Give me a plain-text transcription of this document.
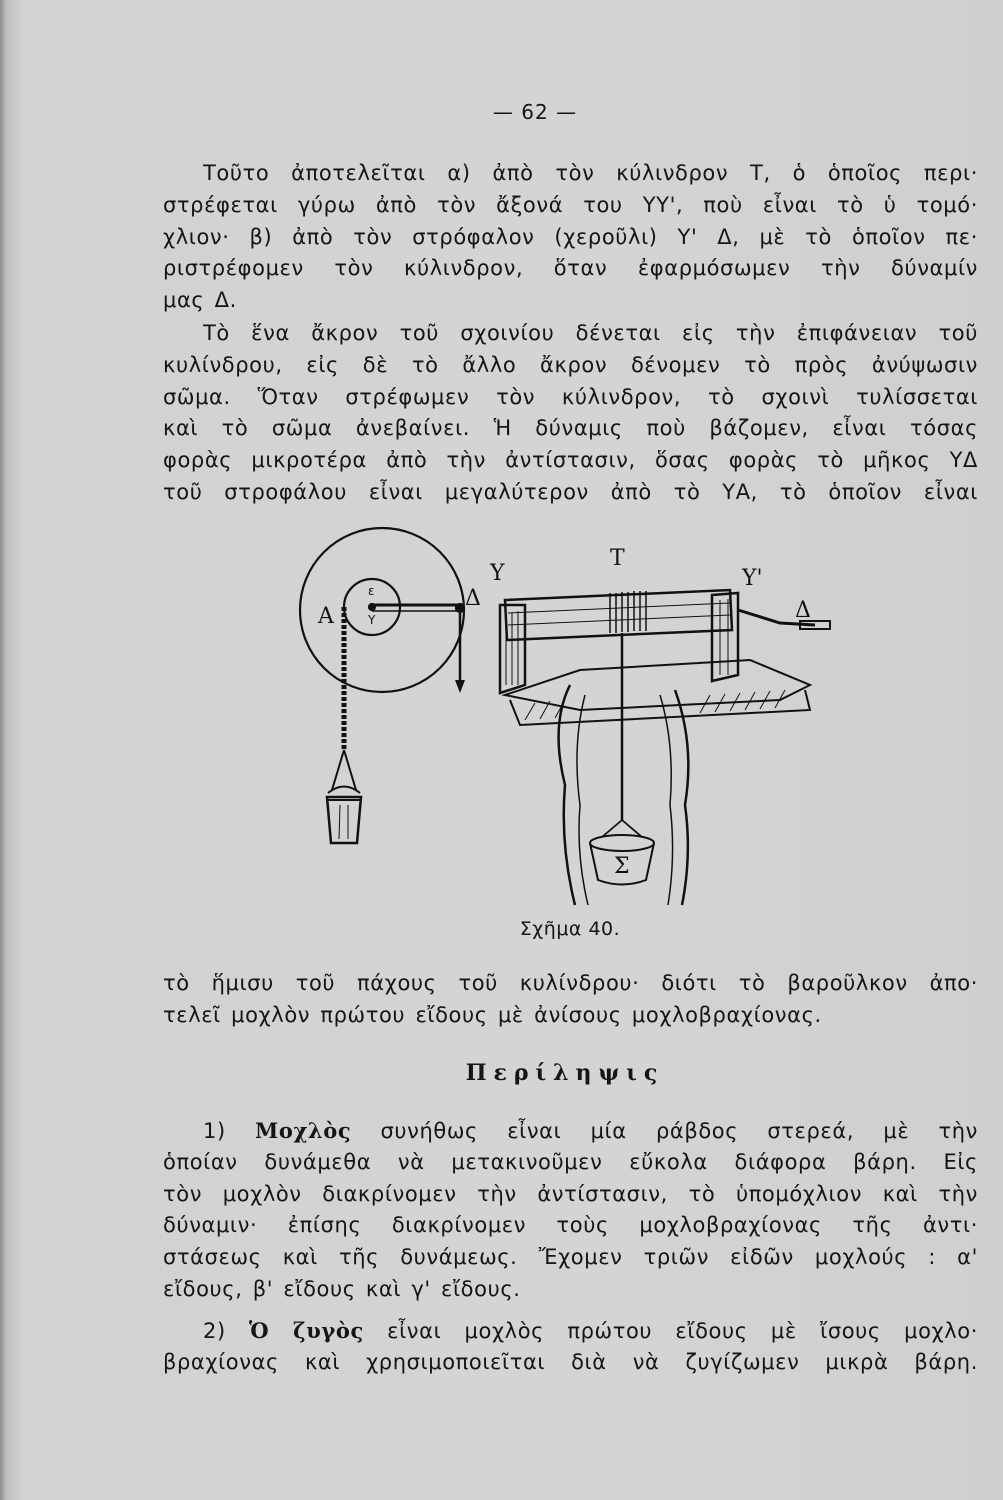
— 62 —
Τοῦτο ἀποτελεῖται α) ἀπὸ τὸν κύλινδρον Τ, ὁ ὁποῖος περι·
στρέφεται γύρω ἀπὸ τὸν ἄξονά του ΥΥ', ποὺ εἶναι τὸ ὑ τομό·
χλιον· β) ἀπὸ τὸν στρόφαλον (χεροῦλι) Υ' Δ, μὲ τὸ ὁποῖον πε·
ριστρέφομεν τὸν κύλινδρον, ὅταν ἐφαρμόσωμεν τὴν δύναμίν
μας Δ.
Τὸ ἕνα ἄκρον τοῦ σχοινίου δένεται εἰς τὴν ἐπιφάνειαν τοῦ
κυλίνδρου, εἰς δὲ τὸ ἄλλο ἄκρον δένομεν τὸ πρὸς ἀνύψωσιν
σῶμα. Ὅταν στρέφωμεν τὸν κύλινδρον, τὸ σχοινὶ τυλίσσεται
καὶ τὸ σῶμα ἀνεβαίνει. Ἡ δύναμις ποὺ βάζομεν, εἶναι τόσας
φορὰς μικροτέρα ἀπὸ τὴν ἀντίστασιν, ὅσας φορὰς τὸ μῆκος ΥΔ
τοῦ στροφάλου εἶναι μεγαλύτερον ἀπὸ τὸ ΥΑ, τὸ ὁποῖον εἶναι
Α
ε
Υ
Δ
Υ
Τ
Υ'
Δ
Σ
Σχῆμα 40.
τὸ ἥμισυ τοῦ πάχους τοῦ κυλίνδρου· διότι τὸ βαροῦλκον ἀπο·
τελεῖ μοχλὸν πρώτου εἴδους μὲ ἀνίσους μοχλοβραχίονας.
Περίληψις
1) Μοχλὸς συνήθως εἶναι μία ράβδος στερεά, μὲ τὴν
ὁποίαν δυνάμεθα νὰ μετακινοῦμεν εὔκολα διάφορα βάρη. Εἰς
τὸν μοχλὸν διακρίνομεν τὴν ἀντίστασιν, τὸ ὑπομόχλιον καὶ τὴν
δύναμιν· ἐπίσης διακρίνομεν τοὺς μοχλοβραχίονας τῆς ἀντι·
στάσεως καὶ τῆς δυνάμεως. Ἔχομεν τριῶν εἰδῶν μοχλούς : α'
εἴδους, β' εἴδους καὶ γ' εἴδους.
2) Ὁ ζυγὸς εἶναι μοχλὸς πρώτου εἴδους μὲ ἴσους μοχλο·
βραχίονας καὶ χρησιμοποιεῖται διὰ νὰ ζυγίζωμεν μικρὰ βάρη.
